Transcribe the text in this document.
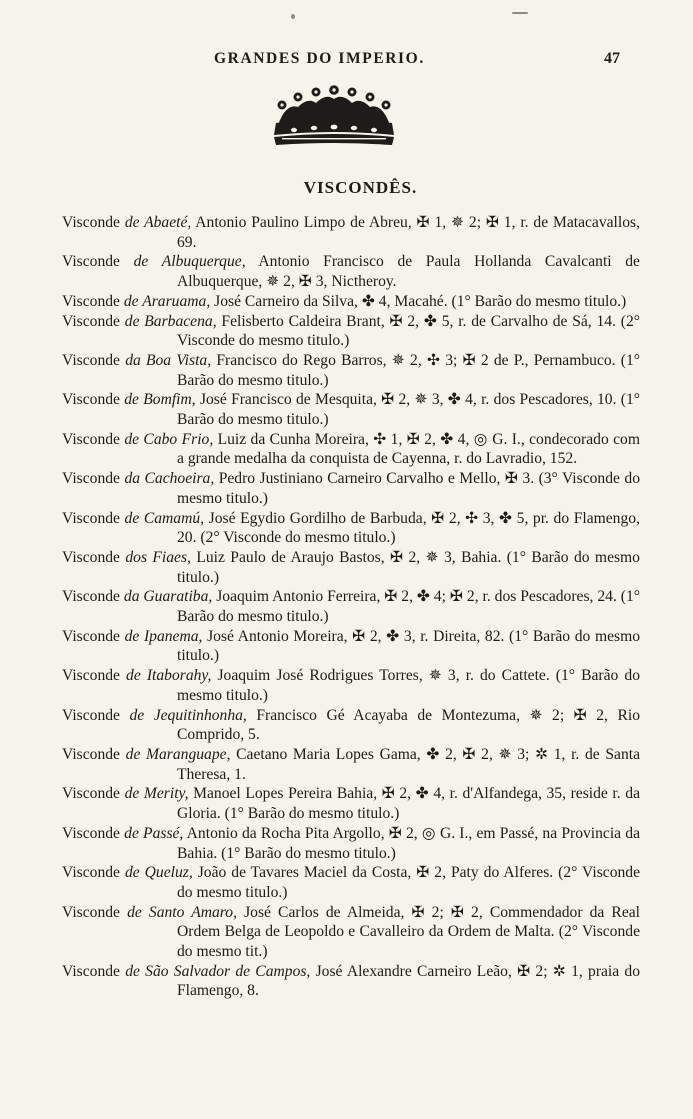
GRANDES DO IMPERIO.	47
VISCONDÊS.

Visconde de Abaeté, Antonio Paulino Limpo de Abreu, ✠ 1, ✵ 2; ✠ 1, r. de Matacavallos, 69.

Visconde de Albuquerque, Antonio Francisco de Paula Hollanda Cavalcanti de Albuquerque, ✵ 2, ✠ 3, Nictheroy.

Visconde de Araruama, José Carneiro da Silva, ✤ 4, Macahé. (1° Barão do mesmo titulo.)

Visconde de Barbacena, Felisberto Caldeira Brant, ✠ 2, ✤ 5, r. de Carvalho de Sá, 14. (2° Visconde do mesmo titulo.)

Visconde da Boa Vista, Francisco do Rego Barros, ✵ 2, ✣ 3; ✠ 2 de P., Pernambuco. (1° Barão do mesmo titulo.)

Visconde de Bomfim, José Francisco de Mesquita, ✠ 2, ✵ 3, ✤ 4, r. dos Pescadores, 10. (1° Barão do mesmo titulo.)

Visconde de Cabo Frio, Luiz da Cunha Moreira, ✣ 1, ✠ 2, ✤ 4, ◎ G. I., condecorado com a grande medalha da conquista de Cayenna, r. do Lavradio, 152.

Visconde da Cachoeira, Pedro Justiniano Carneiro Carvalho e Mello, ✠ 3. (3° Visconde do mesmo titulo.)

Visconde de Camamú, José Egydio Gordilho de Barbuda, ✠ 2, ✣ 3, ✤ 5, pr. do Flamengo, 20. (2° Visconde do mesmo titulo.)

Visconde dos Fiaes, Luiz Paulo de Araujo Bastos, ✠ 2, ✵ 3, Bahia. (1° Barão do mesmo titulo.)

Visconde da Guaratiba, Joaquim Antonio Ferreira, ✠ 2, ✤ 4; ✠ 2, r. dos Pescadores, 24. (1° Barão do mesmo titulo.)

Visconde de Ipanema, José Antonio Moreira, ✠ 2, ✤ 3, r. Direita, 82. (1° Barão do mesmo titulo.)

Visconde de Itaborahy, Joaquim José Rodrigues Torres, ✵ 3, r. do Cattete. (1° Barão do mesmo titulo.)

Visconde de Jequitinhonha, Francisco Gé Acayaba de Montezuma, ✵ 2; ✠ 2, Rio Comprido, 5.

Visconde de Maranguape, Caetano Maria Lopes Gama, ✤ 2, ✠ 2, ✵ 3; ✲ 1, r. de Santa Theresa, 1.

Visconde de Merity, Manoel Lopes Pereira Bahia, ✠ 2, ✤ 4, r. d'Alfandega, 35, reside r. da Gloria. (1° Barão do mesmo titulo.)

Visconde de Passé, Antonio da Rocha Pita Argollo, ✠ 2, ◎ G. I., em Passé, na Provincia da Bahia. (1° Barão do mesmo titulo.)

Visconde de Queluz, João de Tavares Maciel da Costa, ✠ 2, Paty do Alferes. (2° Visconde do mesmo titulo.)

Visconde de Santo Amaro, José Carlos de Almeida, ✠ 2; ✠ 2, Commendador da Real Ordem Belga de Leopoldo e Cavalleiro da Ordem de Malta. (2° Visconde do mesmo tit.)

Visconde de São Salvador de Campos, José Alexandre Carneiro Leão, ✠ 2; ✲ 1, praia do Flamengo, 8.
